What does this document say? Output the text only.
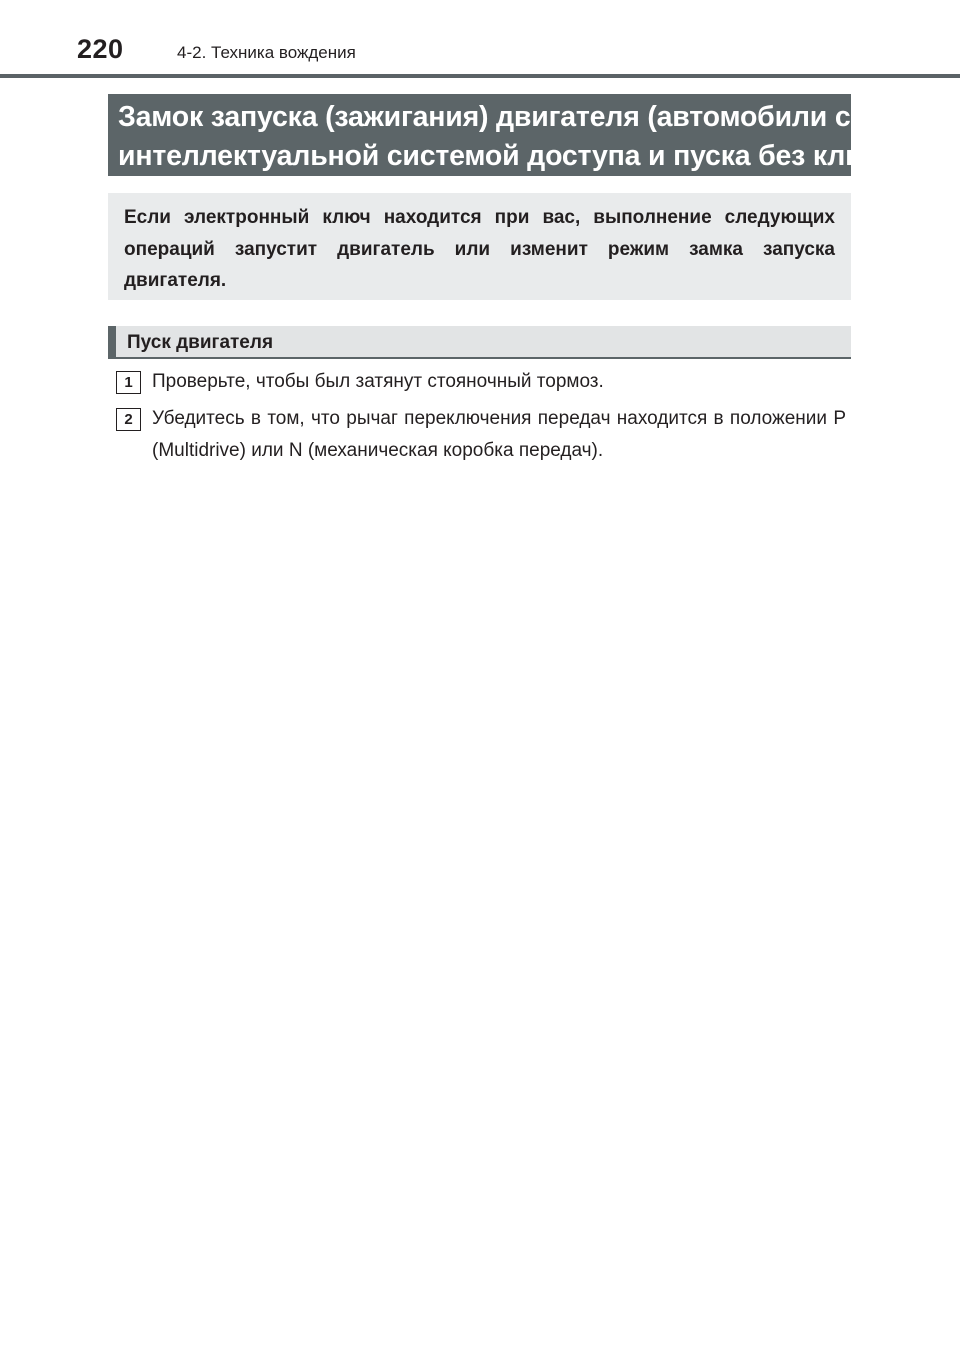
220	4-2. Техника вождения
Замок запуска (зажигания) двигателя (автомобили с
интеллектуальной системой доступа и пуска без ключа)
Если электронный ключ находится при вас, выполнение следующих операций запустит двигатель или изменит режим замка запуска двигателя.
Пуск двигателя
1	Проверьте, чтобы был затянут стояночный тормоз.
2	Убедитесь в том, что рычаг переключения передач находится в положении P (Multidrive) или N (механическая коробка передач).
